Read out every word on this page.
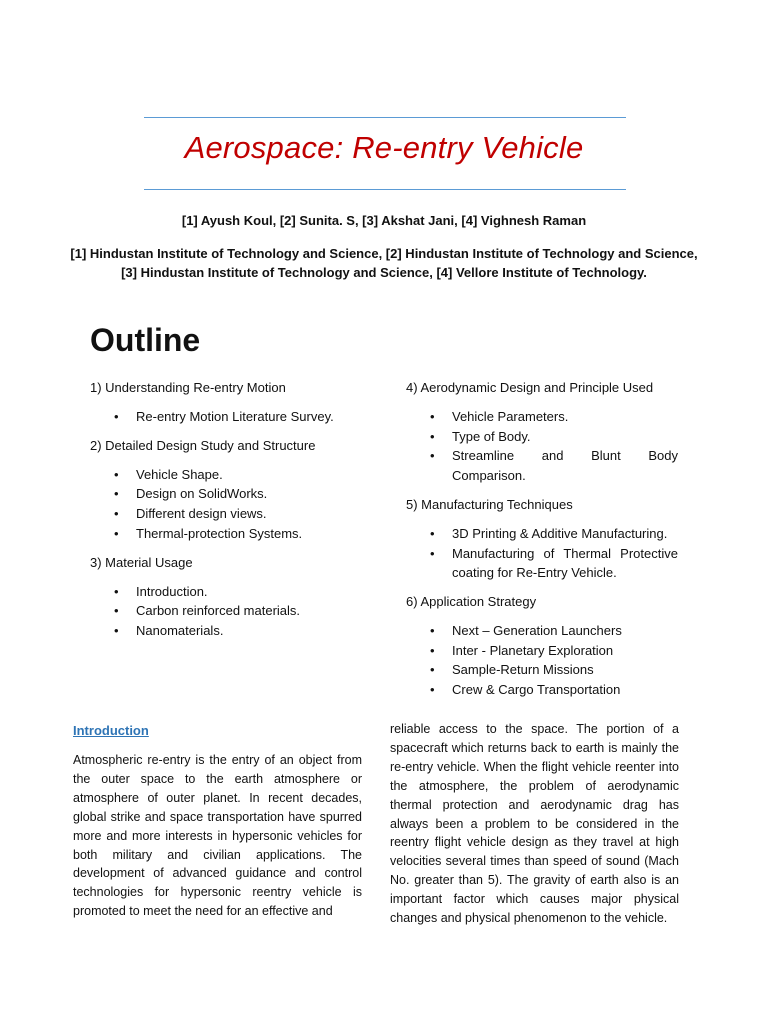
Aerospace: Re-entry Vehicle
[1] Ayush Koul, [2] Sunita. S, [3] Akshat Jani, [4] Vighnesh Raman
[1] Hindustan Institute of Technology and Science, [2] Hindustan Institute of Technology and Science,
[3] Hindustan Institute of Technology and Science, [4] Vellore Institute of Technology.
Outline
1) Understanding Re-entry Motion
• Re-entry Motion Literature Survey.
2) Detailed Design Study and Structure
• Vehicle Shape.
• Design on SolidWorks.
• Different design views.
• Thermal-protection Systems.
3) Material Usage
• Introduction.
• Carbon reinforced materials.
• Nanomaterials.
4) Aerodynamic Design and Principle Used
• Vehicle Parameters.
• Type of Body.
• Streamline and Blunt Body Comparison.
5) Manufacturing Techniques
• 3D Printing & Additive Manufacturing.
• Manufacturing of Thermal Protective coating for Re-Entry Vehicle.
6) Application Strategy
• Next – Generation Launchers
• Inter - Planetary Exploration
• Sample-Return Missions
• Crew & Cargo Transportation
Introduction
Atmospheric re-entry is the entry of an object from the outer space to the earth atmosphere or atmosphere of outer planet. In recent decades, global strike and space transportation have spurred more and more interests in hypersonic vehicles for both military and civilian applications. The development of advanced guidance and control technologies for hypersonic reentry vehicle is promoted to meet the need for an effective and
reliable access to the space. The portion of a spacecraft which returns back to earth is mainly the re-entry vehicle. When the flight vehicle reenter into the atmosphere, the problem of aerodynamic thermal protection and aerodynamic drag has always been a problem to be considered in the reentry flight vehicle design as they travel at high velocities several times than speed of sound (Mach No. greater than 5). The gravity of earth also is an important factor which causes major physical changes and physical phenomenon to the vehicle.
